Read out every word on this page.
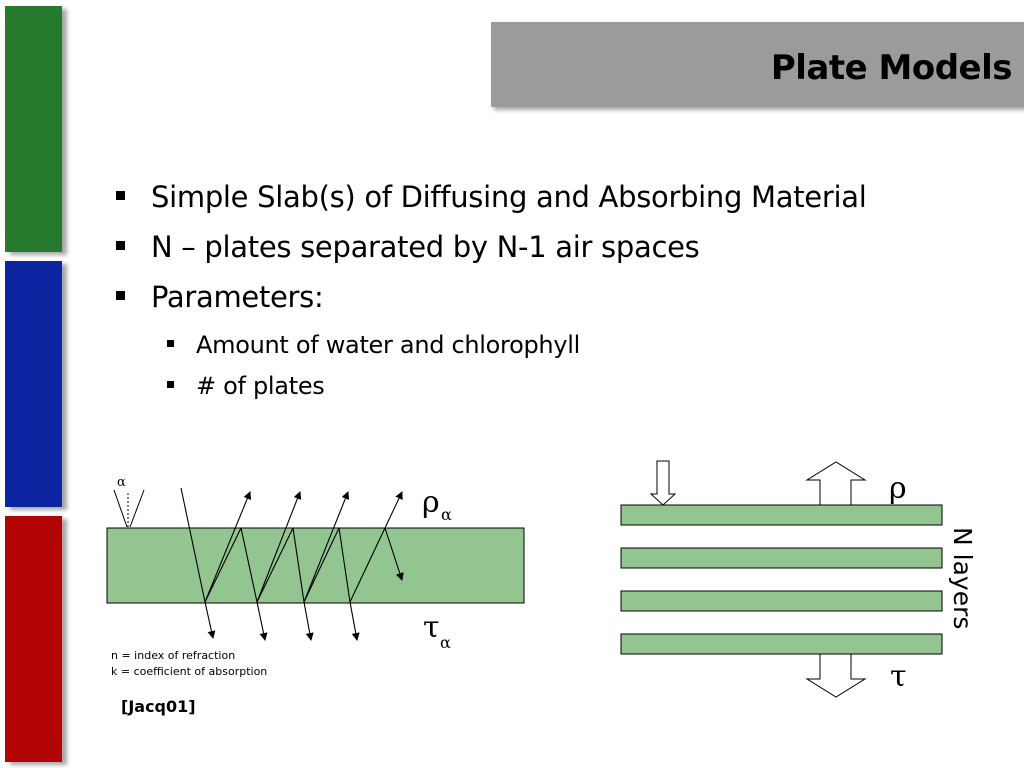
Plate Models
Simple Slab(s) of Diffusing and Absorbing Material
N – plates separated by N-1 air spaces
Parameters:
Amount of water and chlorophyll
# of plates
α
ρ α
τ α
n = index of refraction
k = coefficient of absorption
ρ
τ
N layers
[Jacq01]
